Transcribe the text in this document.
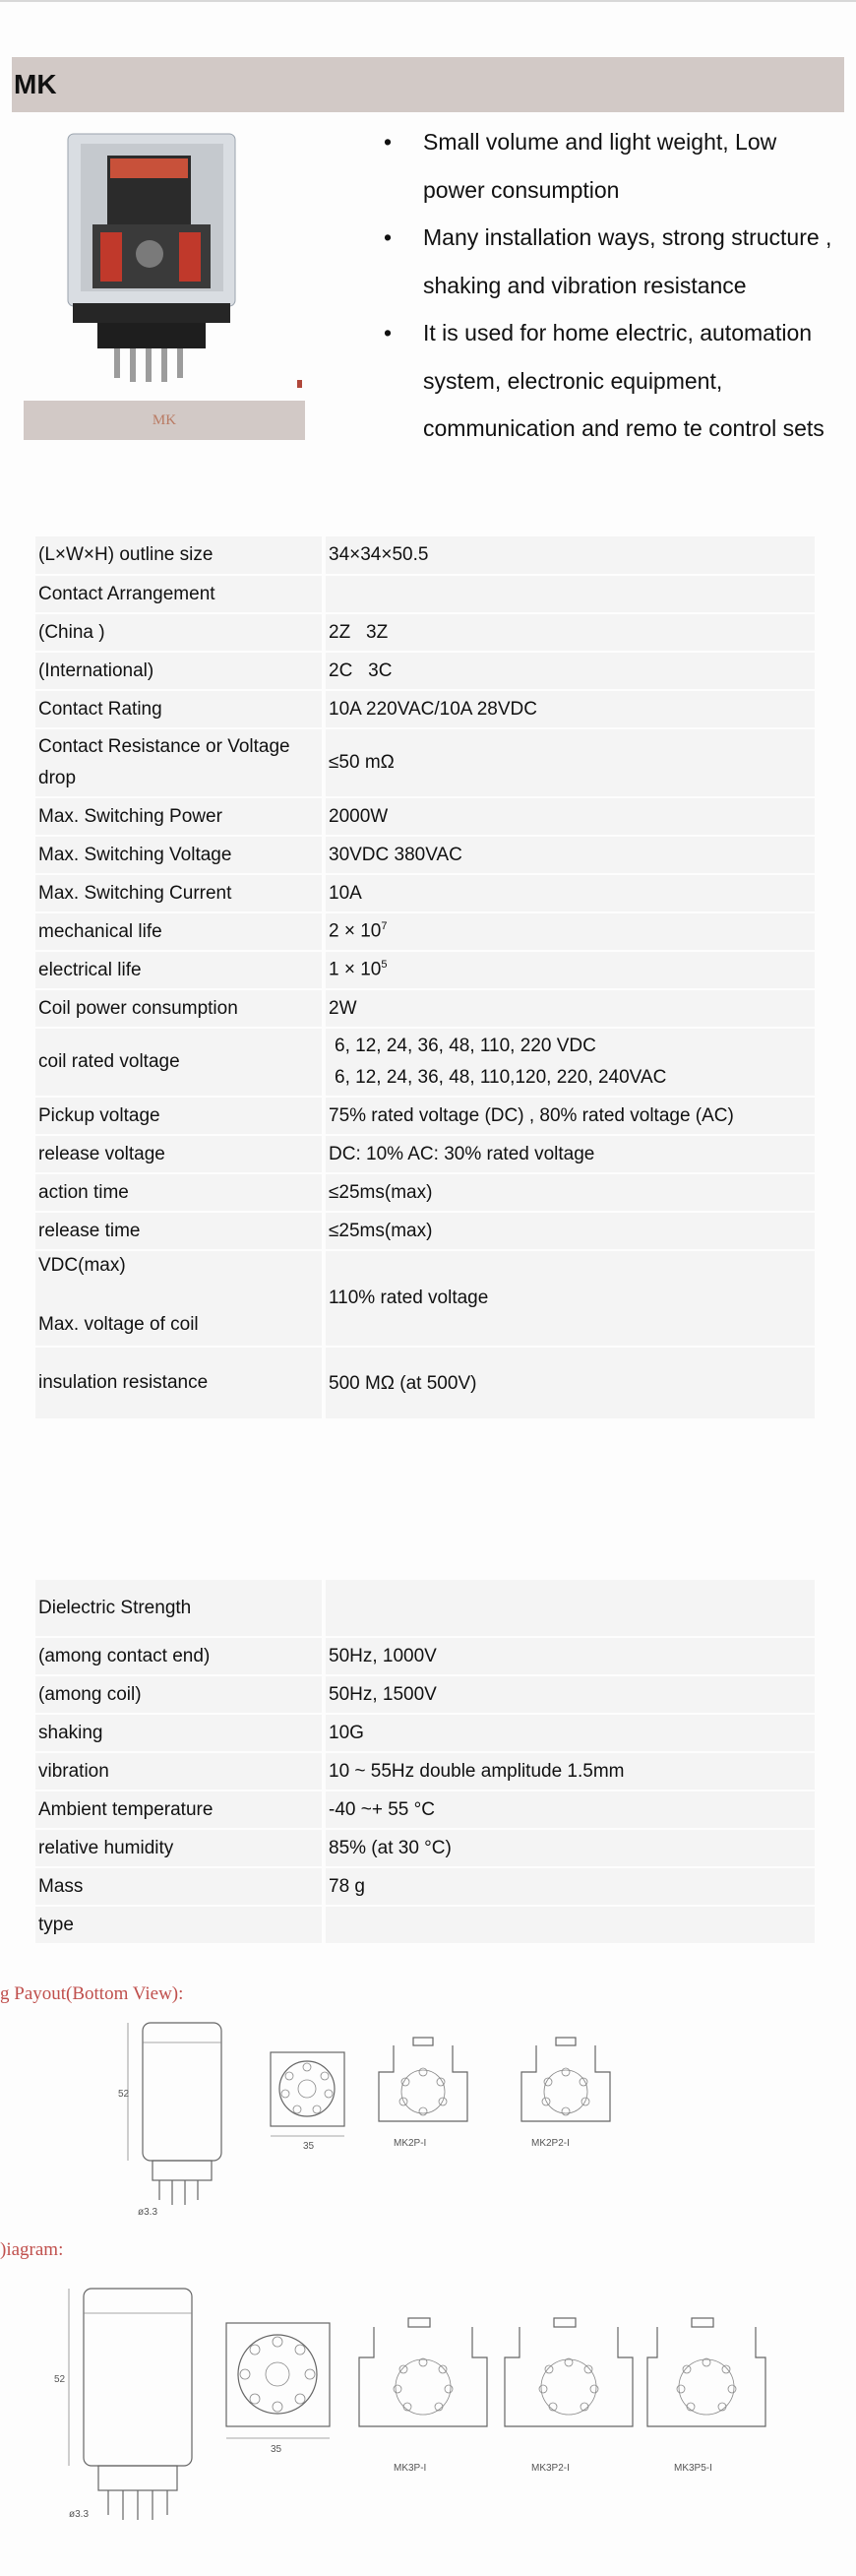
MK
MK
• Small volume and light weight, Low power consumption
• Many installation ways, strong structure , shaking and vibration resistance
• It is used for home electric, automation system, electronic equipment, communication and remo te control sets
(L×W×H) outline size	34×34×50.5
Contact Arrangement	
(China )	2Z   3Z
(International)	2C   3C
Contact Rating	10A 220VAC/10A 28VDC
Contact Resistance or Voltage drop	≤50 mΩ
Max. Switching Power	2000W
Max. Switching Voltage	30VDC 380VAC
Max. Switching Current	10A
mechanical life	$2 \times 10^7$
electrical life	$1 \times 10^5$
Coil power consumption	2W
coil rated voltage	6, 12, 24, 36, 48, 110, 220 VDC
6, 12, 24, 36, 48, 110,120, 220, 240VAC

Pickup voltage	75% rated voltage (DC) , 80% rated voltage (AC)
release voltage	DC: 10% AC: 30% rated voltage
action time	≤25ms(max)
release time	≤25ms(max)

VDC(max)
Max. voltage of coil	110% rated voltage
insulation resistance	500 MΩ (at 500V)
Dielectric Strength	
(among contact end)	50Hz, 1000V
(among coil)	50Hz, 1500V
shaking	10G
vibration	10 ~ 55Hz double amplitude 1.5mm
Ambient temperature	-40 ~+ 55 °C
relative humidity	85% (at 30 °C)
Mass	78 g
type	
g Payout(Bottom View):
)iagram:
52
ø3.3
35	MK2P-I	MK2P2-I
52
ø3.3
35
MK3P-I	MK3P2-I	MK3P5-I
